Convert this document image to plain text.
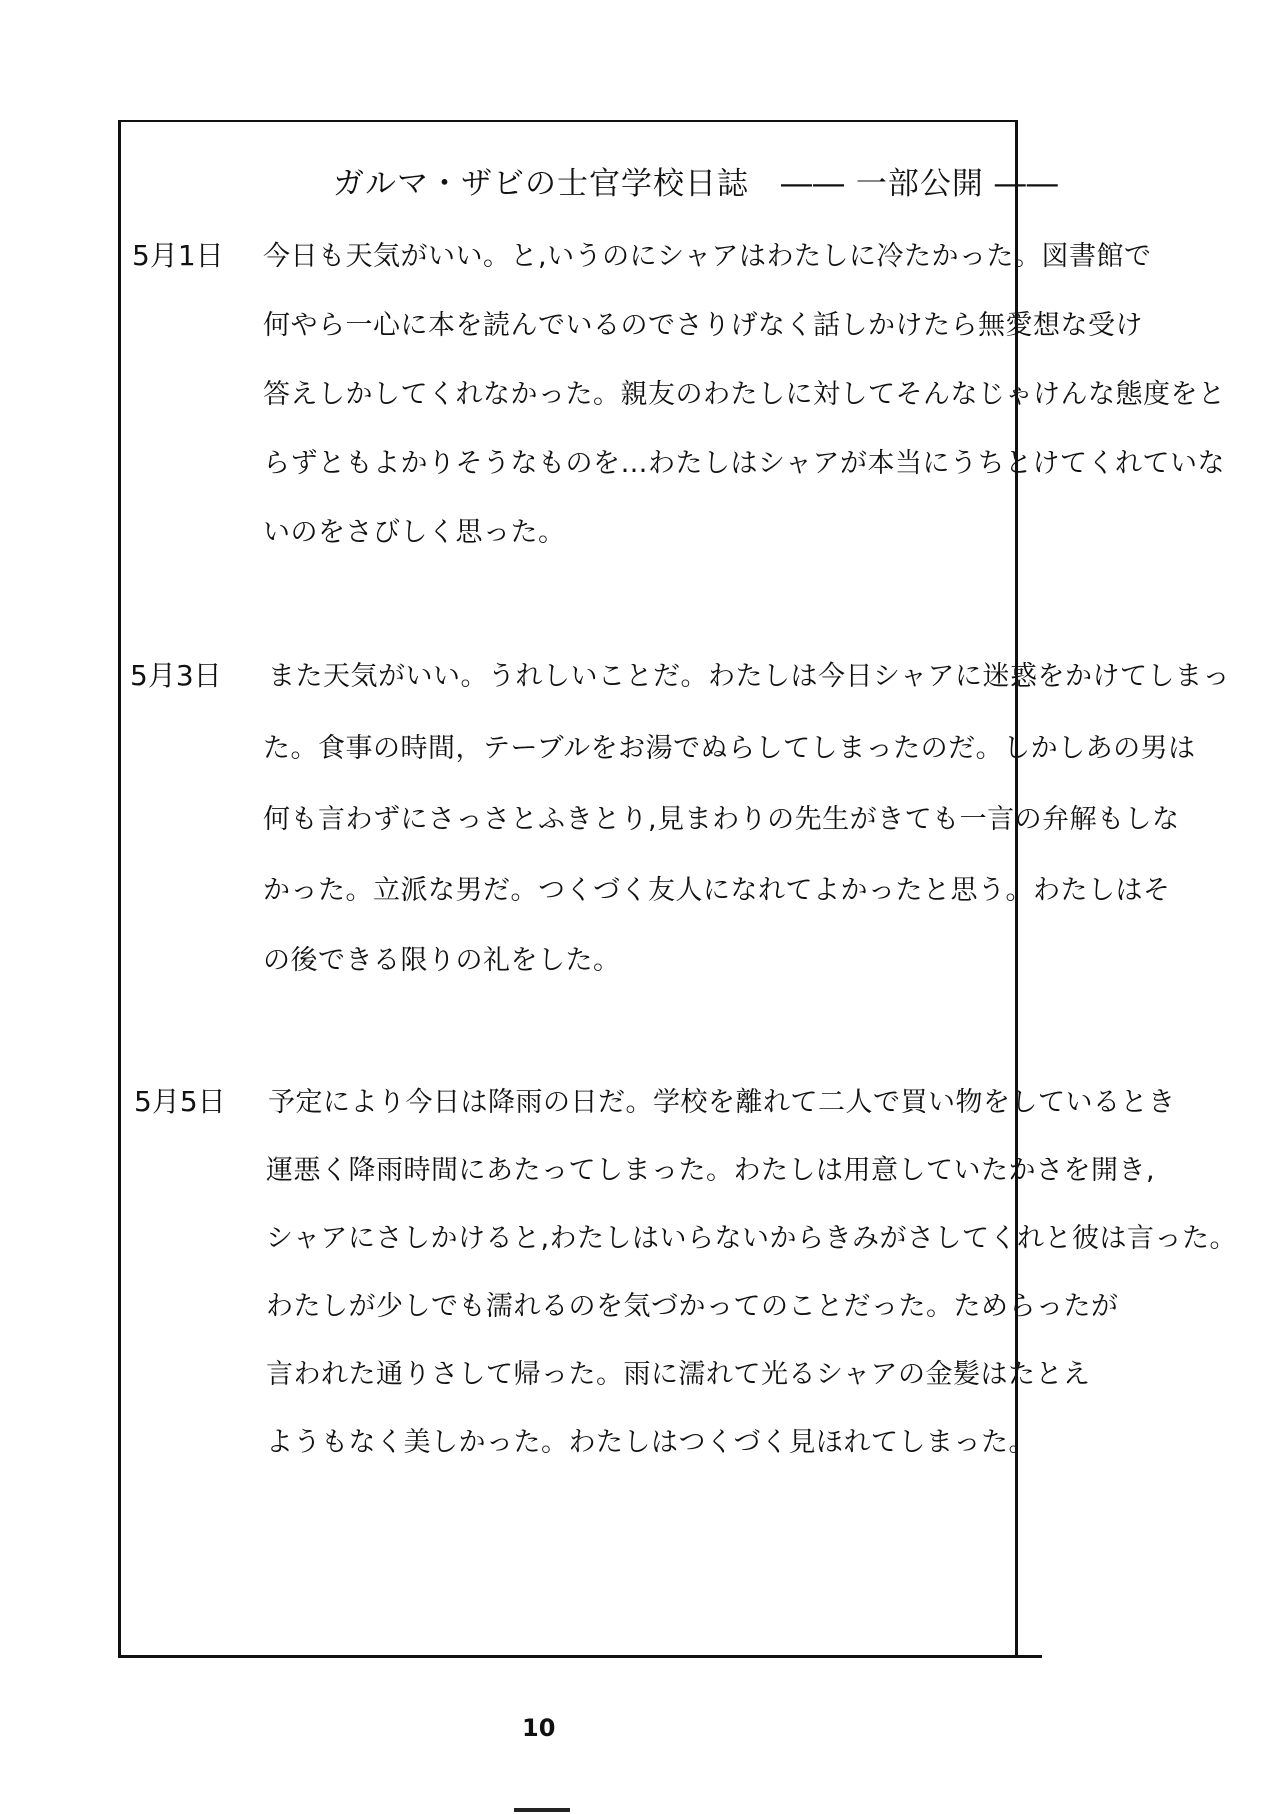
ガルマ・ザビの士官学校日誌　―― 一部公開 ――
5月1日 今日も天気がいい。と,いうのにシャアはわたしに冷たかった。図書館で
何やら一心に本を読んでいるのでさりげなく話しかけたら無愛想な受け
答えしかしてくれなかった。親友のわたしに対してそんなじゃけんな態度をと
らずともよかりそうなものを…わたしはシャアが本当にうちとけてくれていな
いのをさびしく思った。
5月3日 また天気がいい。うれしいことだ。わたしは今日シャアに迷惑をかけてしまっ
た。食事の時間，テーブルをお湯でぬらしてしまったのだ。しかしあの男は
何も言わずにさっさとふきとり,見まわりの先生がきても一言の弁解もしな
かった。立派な男だ。つくづく友人になれてよかったと思う。わたしはそ
の後できる限りの礼をした。
5月5日 予定により今日は降雨の日だ。学校を離れて二人で買い物をしているとき
運悪く降雨時間にあたってしまった。わたしは用意していたかさを開き,
シャアにさしかけると,わたしはいらないからきみがさしてくれと彼は言った。
わたしが少しでも濡れるのを気づかってのことだった。ためらったが
言われた通りさして帰った。雨に濡れて光るシャアの金髪はたとえ
ようもなく美しかった。わたしはつくづく見ほれてしまった。
10
